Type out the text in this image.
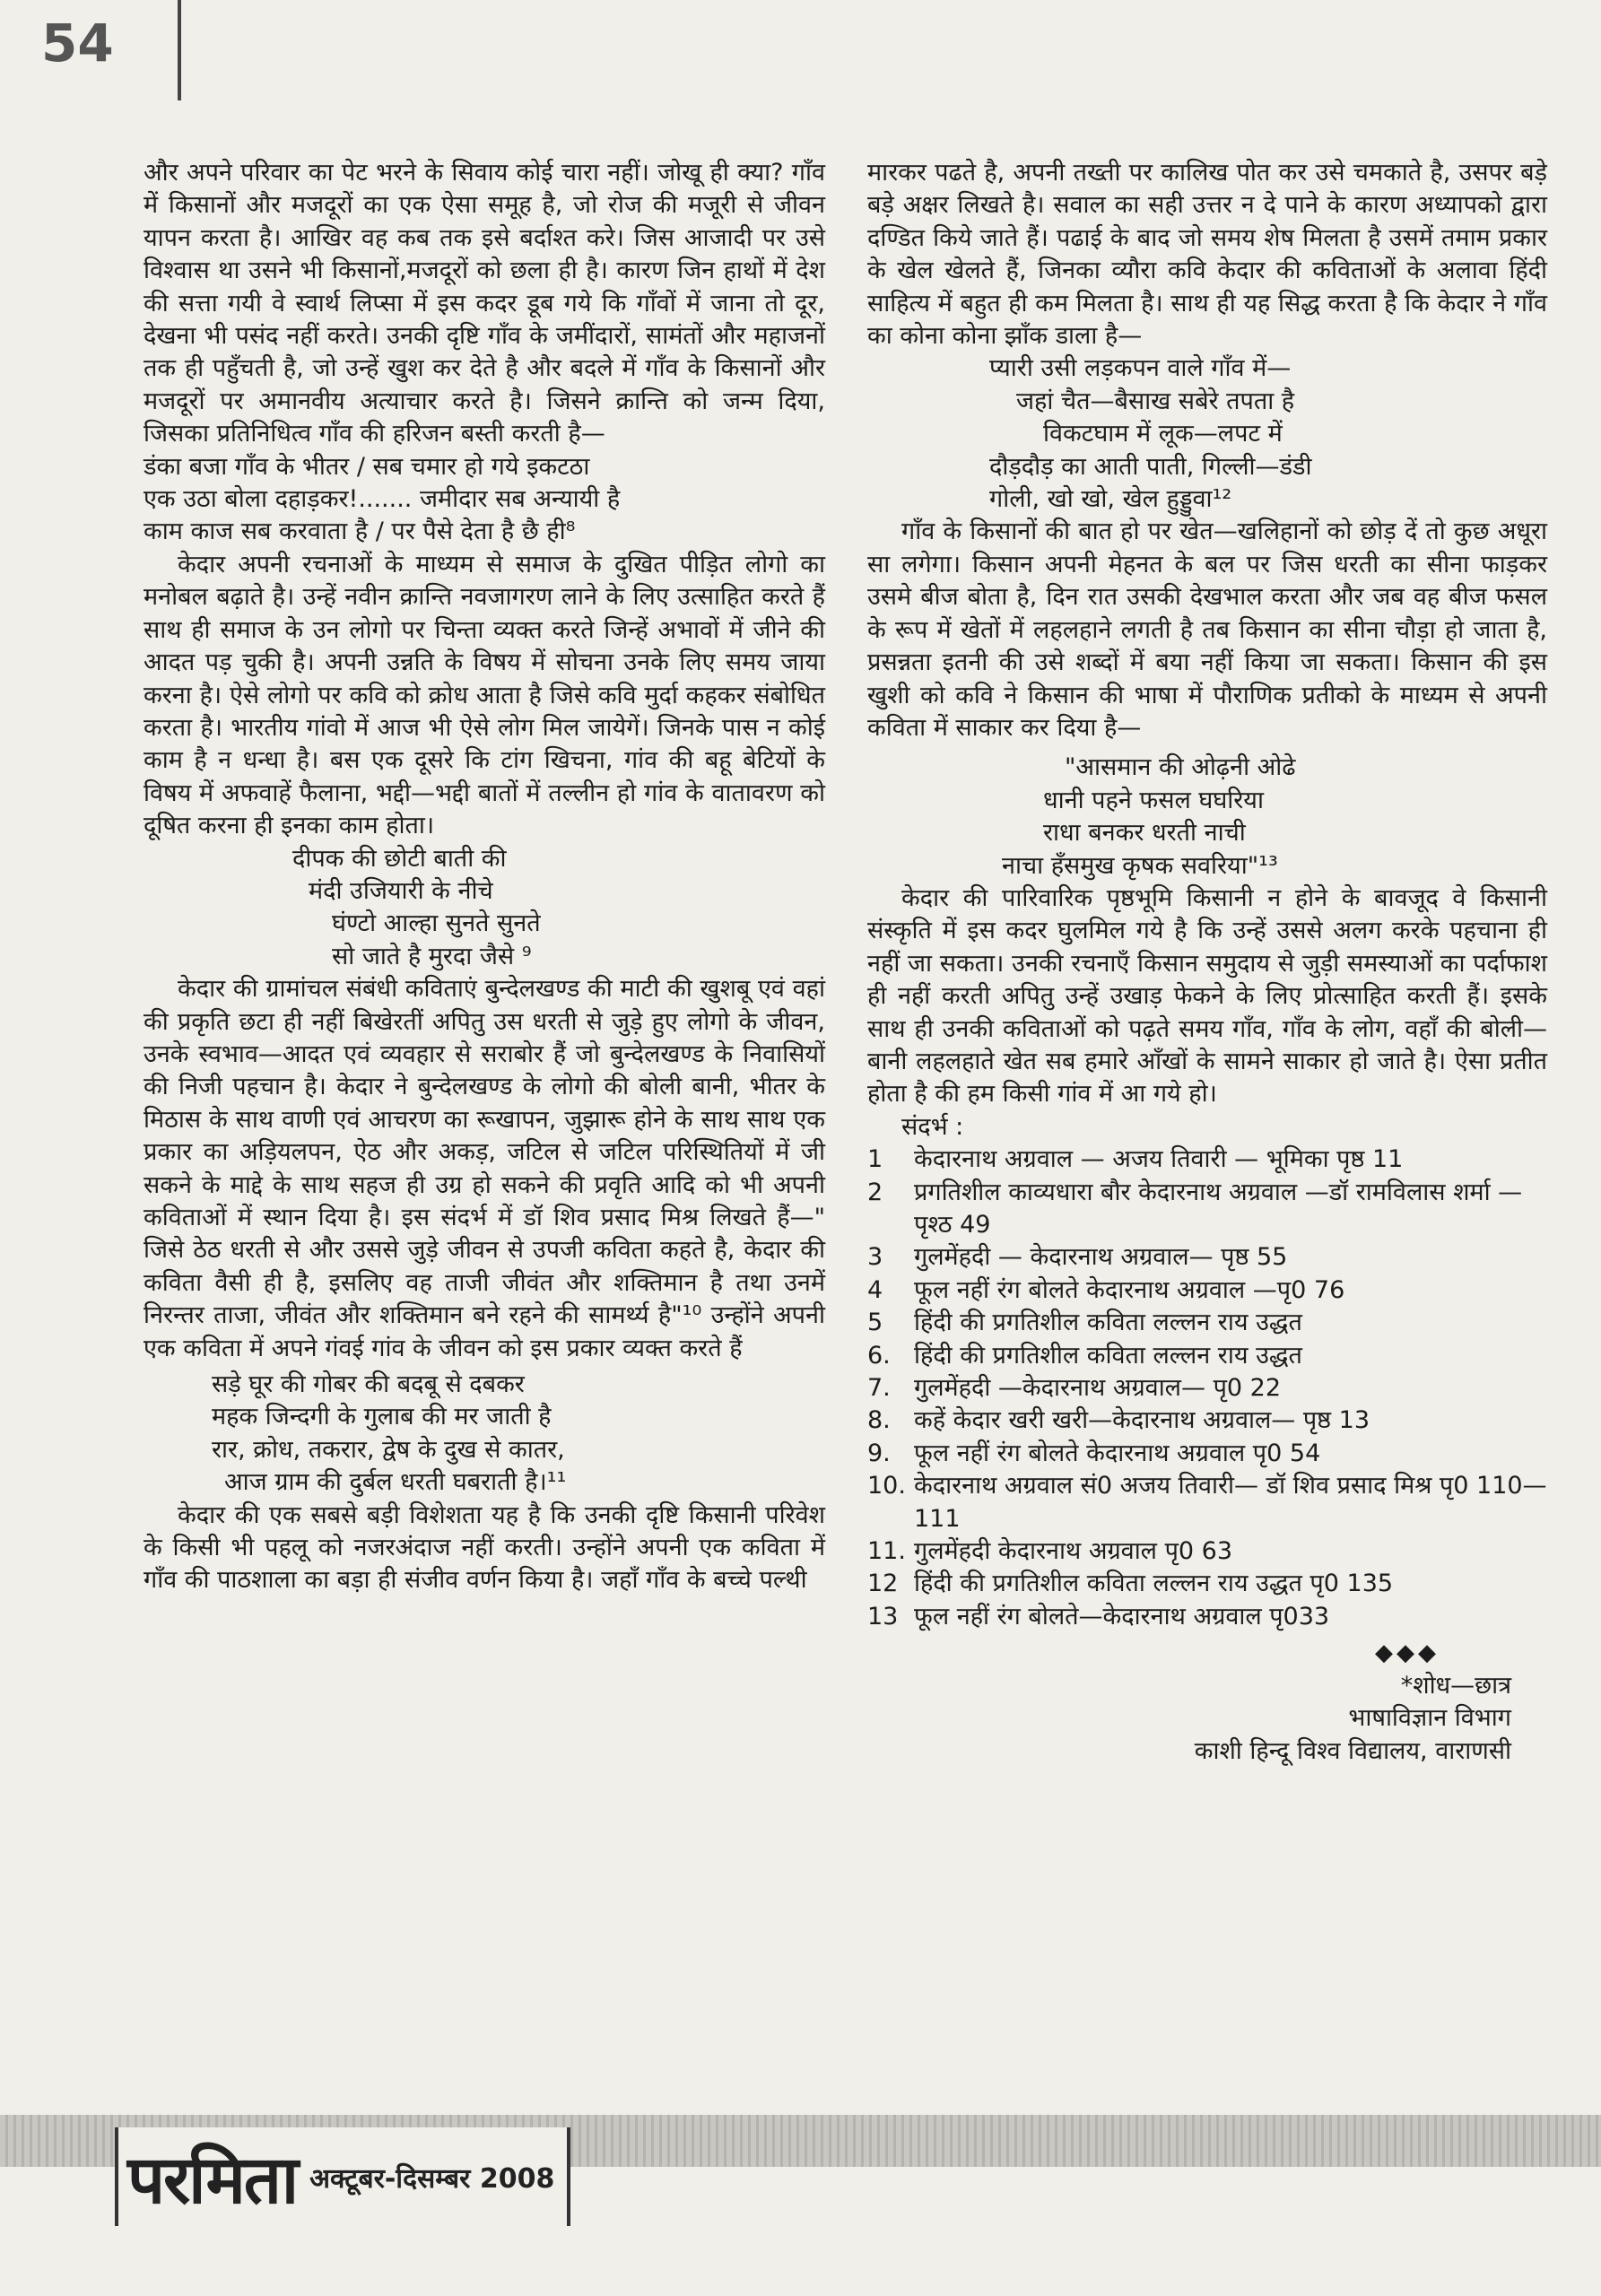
54

और अपने परिवार का पेट भरने के सिवाय कोई चारा नहीं। जोखू ही क्या? गाँव में किसानों और मजदूरों का एक ऐसा समूह है, जो रोज की मजूरी से जीवन यापन करता है। आखिर वह कब तक इसे बर्दाश्त करे। जिस आजादी पर उसे विश्वास था उसने भी किसानों,मजदूरों को छला ही है। कारण जिन हाथों में देश की सत्ता गयी वे स्वार्थ लिप्सा में इस कदर डूब गये कि गाँवों में जाना तो दूर, देखना भी पसंद नहीं करते। उनकी दृष्टि गाँव के जमींदारों, सामंतों और महाजनों तक ही पहुँचती है, जो उन्हें खुश कर देते है और बदले में गाँव के किसानों और मजदूरों पर अमानवीय अत्याचार करते है। जिसने क्रान्ति को जन्म दिया, जिसका प्रतिनिधित्व गाँव की हरिजन बस्ती करती है—

डंका बजा गाँव के भीतर / सब चमार हो गये इकटठा
एक उठा बोला दहाड़कर!....... जमीदार सब अन्यायी है
काम काज सब करवाता है / पर पैसे देता है छै ही⁸

केदार अपनी रचनाओं के माध्यम से समाज के दुखित पीड़ित लोगो का मनोबल बढ़ाते है। उन्हें नवीन क्रान्ति नवजागरण लाने के लिए उत्साहित करते हैं साथ ही समाज के उन लोगो पर चिन्ता व्यक्त करते जिन्हें अभावों में जीने की आदत पड़ चुकी है। अपनी उन्नति के विषय में सोचना उनके लिए समय जाया करना है। ऐसे लोगो पर कवि को क्रोध आता है जिसे कवि मुर्दा कहकर संबोधित करता है। भारतीय गांवो में आज भी ऐसे लोग मिल जायेगें। जिनके पास न कोई काम है न धन्धा है। बस एक दूसरे कि टांग खिचना, गांव की बहू बेटियों के विषय में अफवाहें फैलाना, भद्दी—भद्दी बातों में तल्लीन हो गांव के वातावरण को दूषित करना ही इनका काम होता।

दीपक की छोटी बाती की
मंदी उजियारी के नीचे
घंण्टो आल्हा सुनते सुनते
सो जाते है मुरदा जैसे ⁹

केदार की ग्रामांचल संबंधी कविताएं बुन्देलखण्ड की माटी की खुशबू एवं वहां की प्रकृति छटा ही नहीं बिखेरतीं अपितु उस धरती से जुड़े हुए लोगो के जीवन, उनके स्वभाव—आदत एवं व्यवहार से सराबोर हैं जो बुन्देलखण्ड के निवासियों की निजी पहचान है। केदार ने बुन्देलखण्ड के लोगो की बोली बानी, भीतर के मिठास के साथ वाणी एवं आचरण का रूखापन, जुझारू होने के साथ साथ एक प्रकार का अड़ियलपन, ऐठ और अकड़, जटिल से जटिल परिस्थितियों में जी सकने के माद्दे के साथ सहज ही उग्र हो सकने की प्रवृति आदि को भी अपनी कविताओं में स्थान दिया है। इस संदर्भ में डॉ शिव प्रसाद मिश्र लिखते हैं—" जिसे ठेठ धरती से और उससे जुड़े जीवन से उपजी कविता कहते है, केदार की कविता वैसी ही है, इसलिए वह ताजी जीवंत और शक्तिमान है तथा उनमें निरन्तर ताजा, जीवंत और शक्तिमान बने रहने की सामर्थ्य है"¹⁰ उन्होंने अपनी एक कविता में अपने गंवई गांव के जीवन को इस प्रकार व्यक्त करते हैं

सड़े घूर की गोबर की बदबू से दबकर
महक जिन्दगी के गुलाब की मर जाती है
रार, क्रोध, तकरार, द्वेष के दुख से कातर,
आज ग्राम की दुर्बल धरती घबराती है।¹¹

केदार की एक सबसे बड़ी विशेशता यह है कि उनकी दृष्टि किसानी परिवेश के किसी भी पहलू को नजरअंदाज नहीं करती। उन्होंने अपनी एक कविता में गाँव की पाठशाला का बड़ा ही संजीव वर्णन किया है। जहाँ गाँव के बच्चे पल्थी

मारकर पढते है, अपनी तख्ती पर कालिख पोत कर उसे चमकाते है, उसपर बड़े बड़े अक्षर लिखते है। सवाल का सही उत्तर न दे पाने के कारण अध्यापको द्वारा दण्डित किये जाते हैं। पढाई के बाद जो समय शेष मिलता है उसमें तमाम प्रकार के खेल खेलते हैं, जिनका व्यौरा कवि केदार की कविताओं के अलावा हिंदी साहित्य में बहुत ही कम मिलता है। साथ ही यह सिद्ध करता है कि केदार ने गाँव का कोना कोना झाँक डाला है—

प्यारी उसी लड़कपन वाले गाँव में—
जहां चैत—बैसाख सबेरे तपता है
विकटघाम में लूक—लपट में
दौड़दौड़ का आती पाती, गिल्ली—डंडी
गोली, खो खो, खेल हुड्डुवा¹²

गाँव के किसानों की बात हो पर खेत—खलिहानों को छोड़ दें तो कुछ अधूरा सा लगेगा। किसान अपनी मेहनत के बल पर जिस धरती का सीना फाड़कर उसमे बीज बोता है, दिन रात उसकी देखभाल करता और जब वह बीज फसल के रूप में खेतों में लहलहाने लगती है तब किसान का सीना चौड़ा हो जाता है, प्रसन्नता इतनी की उसे शब्दों में बया नहीं किया जा सकता। किसान की इस खुशी को कवि ने किसान की भाषा में पौराणिक प्रतीको के माध्यम से अपनी कविता में साकार कर दिया है—

"आसमान की ओढ़नी ओढे
धानी पहने फसल घघरिया
राधा बनकर धरती नाची
नाचा हँसमुख कृषक सवरिया"¹³

केदार की पारिवारिक पृष्ठभूमि किसानी न होने के बावजूद वे किसानी संस्कृति में इस कदर घुलमिल गये है कि उन्हें उससे अलग करके पहचाना ही नहीं जा सकता। उनकी रचनाएँ किसान समुदाय से जुड़ी समस्याओं का पर्दाफाश ही नहीं करती अपितु उन्हें उखाड़ फेकने के लिए प्रोत्साहित करती हैं। इसके साथ ही उनकी कविताओं को पढ़ते समय गाँव, गाँव के लोग, वहाँ की बोली—बानी लहलहाते खेत सब हमारे आँखों के सामने साकार हो जाते है। ऐसा प्रतीत होता है की हम किसी गांव में आ गये हो।

संदर्भ :
1	केदारनाथ अग्रवाल — अजय तिवारी — भूमिका पृष्ठ 11
2	प्रगतिशील काव्यधारा बौर केदारनाथ अग्रवाल —डॉ रामविलास शर्मा —पृश्ठ 49
3	गुलमेंहदी — केदारनाथ अग्रवाल— पृष्ठ 55
4	फूल नहीं रंग बोलते केदारनाथ अग्रवाल —पृ0 76
5	हिंदी की प्रगतिशील कविता लल्लन राय उद्धत
6. हिंदी की प्रगतिशील कविता लल्लन राय उद्धत
7. गुलमेंहदी —केदारनाथ अग्रवाल— पृ0 22
8. कहें केदार खरी खरी—केदारनाथ अग्रवाल— पृष्ठ 13
9. फूल नहीं रंग बोलते केदारनाथ अग्रवाल पृ0 54
10. केदारनाथ अग्रवाल सं0 अजय तिवारी— डॉ शिव प्रसाद मिश्र पृ0 110—111
11. गुलमेंहदी केदारनाथ अग्रवाल पृ0 63
12 हिंदी की प्रगतिशील कविता लल्लन राय उद्धत पृ0 135
13 फूल नहीं रंग बोलते—केदारनाथ अग्रवाल पृ033
◆◆◆
*शोध—छात्र
भाषाविज्ञान विभाग
काशी हिन्दू विश्व विद्यालय, वाराणसी
परमिता अक्टूबर-दिसम्बर 2008
